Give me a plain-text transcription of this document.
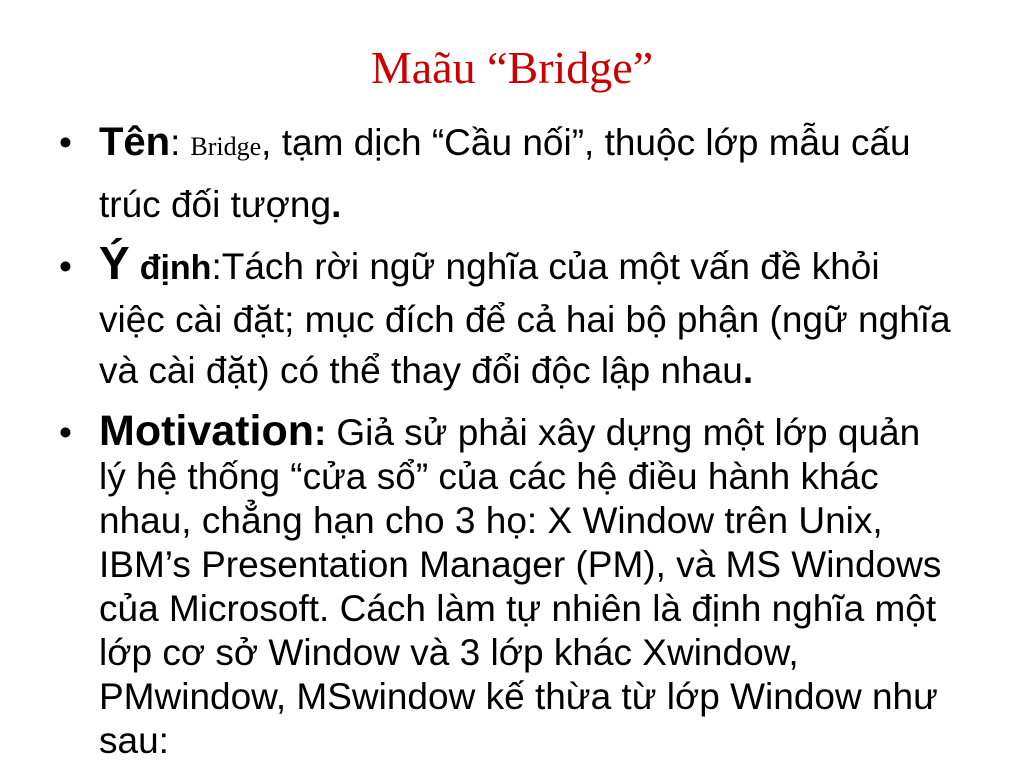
Maãu “Bridge”
•Tên: Bridge, tạm dịch “Cầu nối”, thuộc lớp mẫu cấu
trúc đối tượng.
•Ý định:Tách rời ngữ nghĩa của một vấn đề khỏi
việc cài đặt; mục đích để cả hai bộ phận (ngữ nghĩa
và cài đặt) có thể thay đổi độc lập nhau.
•Motivation: Giả sử phải xây dựng một lớp quản
lý hệ thống “cửa sổ” của các hệ điều hành khác
nhau, chẳng hạn cho 3 họ: X Window trên Unix,
IBM’s Presentation Manager (PM), và MS Windows
của Microsoft. Cách làm tự nhiên là định nghĩa một
lớp cơ sở Window và 3 lớp khác Xwindow,
PMwindow, MSwindow kế thừa từ lớp Window như
sau:
